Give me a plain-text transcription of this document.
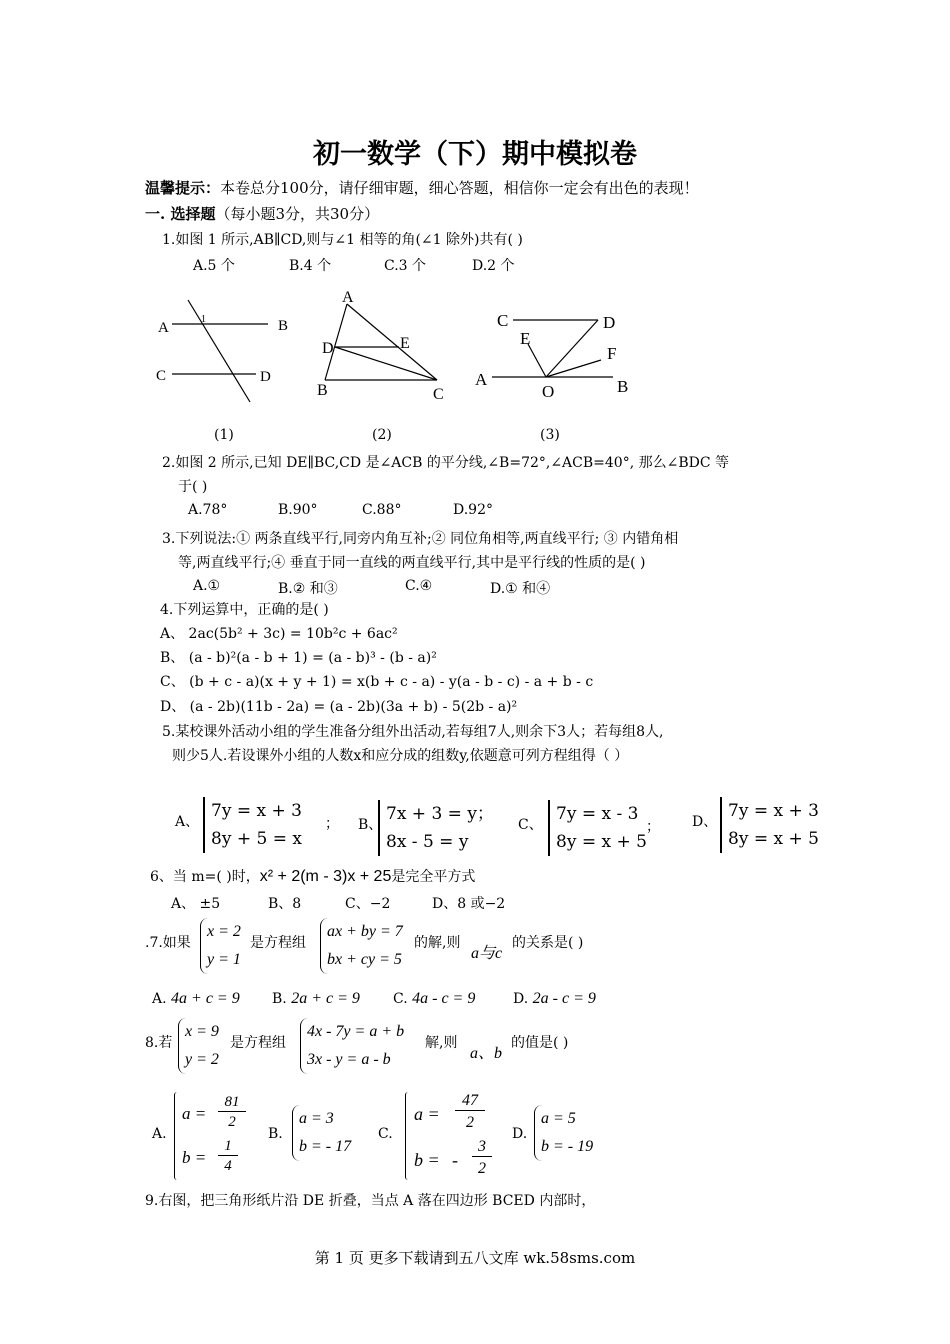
初一数学（下）期中模拟卷
温馨提示：本卷总分100分，请仔细审题，细心答题，相信你一定会有出色的表现！
一. 选择题（每小题3分，共30分）
1.如图 1 所示,AB∥CD,则与∠1 相等的角(∠1 除外)共有( )
A.5 个	B.4 个	C.3 个	D.2 个
A	B
C	D
1
(1)
A
D	E
B	C
(2)
C	D
E
F
A
O	B
(3)
2.如图 2 所示,已知 DE∥BC,CD 是∠ACB 的平分线,∠B=72°,∠ACB=40°, 那么∠BDC 等
于( )
A.78°	B.90°	C.88°	D.92°
3.下列说法:① 两条直线平行,同旁内角互补;② 同位角相等,两直线平行; ③ 内错角相
等,两直线平行;④ 垂直于同一直线的两直线平行,其中是平行线的性质的是( )
A.①	B.② 和③	C.④	D.① 和④
4.下列运算中，正确的是( )
A、 2ac(5b² + 3c) = 10b²c + 6ac²
B、 (a - b)²(a - b + 1) = (a - b)³ - (b - a)²
C、 (b + c - a)(x + y + 1) = x(b + c - a) - y(a - b - c) - a + b - c
D、 (a - 2b)(11b - 2a) = (a - 2b)(3a + b) - 5(2b - a)²
5.某校课外活动小组的学生准备分组外出活动,若每组7人,则余下3人；若每组8人,
则少5人.若设课外小组的人数x和应分成的组数y,依题意可列方程组得（ ）
A、
7y = x + 3
8y + 5 = x
； B、
7x + 3 = y；
8x - 5 = y
C、
7y = x - 3
8y = x + 5
； D、
7y = x + 3
8y = x + 5
6、当 m=( )时，x² + 2(m - 3)x + 25是完全平方式
A、 ±5	B、8	C、−2	D、8 或−2
.7.如果
x = 2
y = 1
是方程组
ax + by = 7
bx + cy = 5
的解,则
a与c
的关系是( )
A. 4a + c = 9 B. 2a + c = 9 C. 4a - c = 9	D. 2a - c = 9
8.若
x = 9
y = 2
是方程组
4x - 7y = a + b
3x - y = a - b
解,则
a、b
的值是( )
A.
a =
81
2
b =
1
4
B.
a = 3
b = - 17
C.
a =
47
2
b = -
3
2
D.
a = 5
b = - 19
9.右图，把三角形纸片沿 DE 折叠，当点 A 落在四边形 BCED 内部时，
第 1 页 更多下载请到五八文库 wk.58sms.com
